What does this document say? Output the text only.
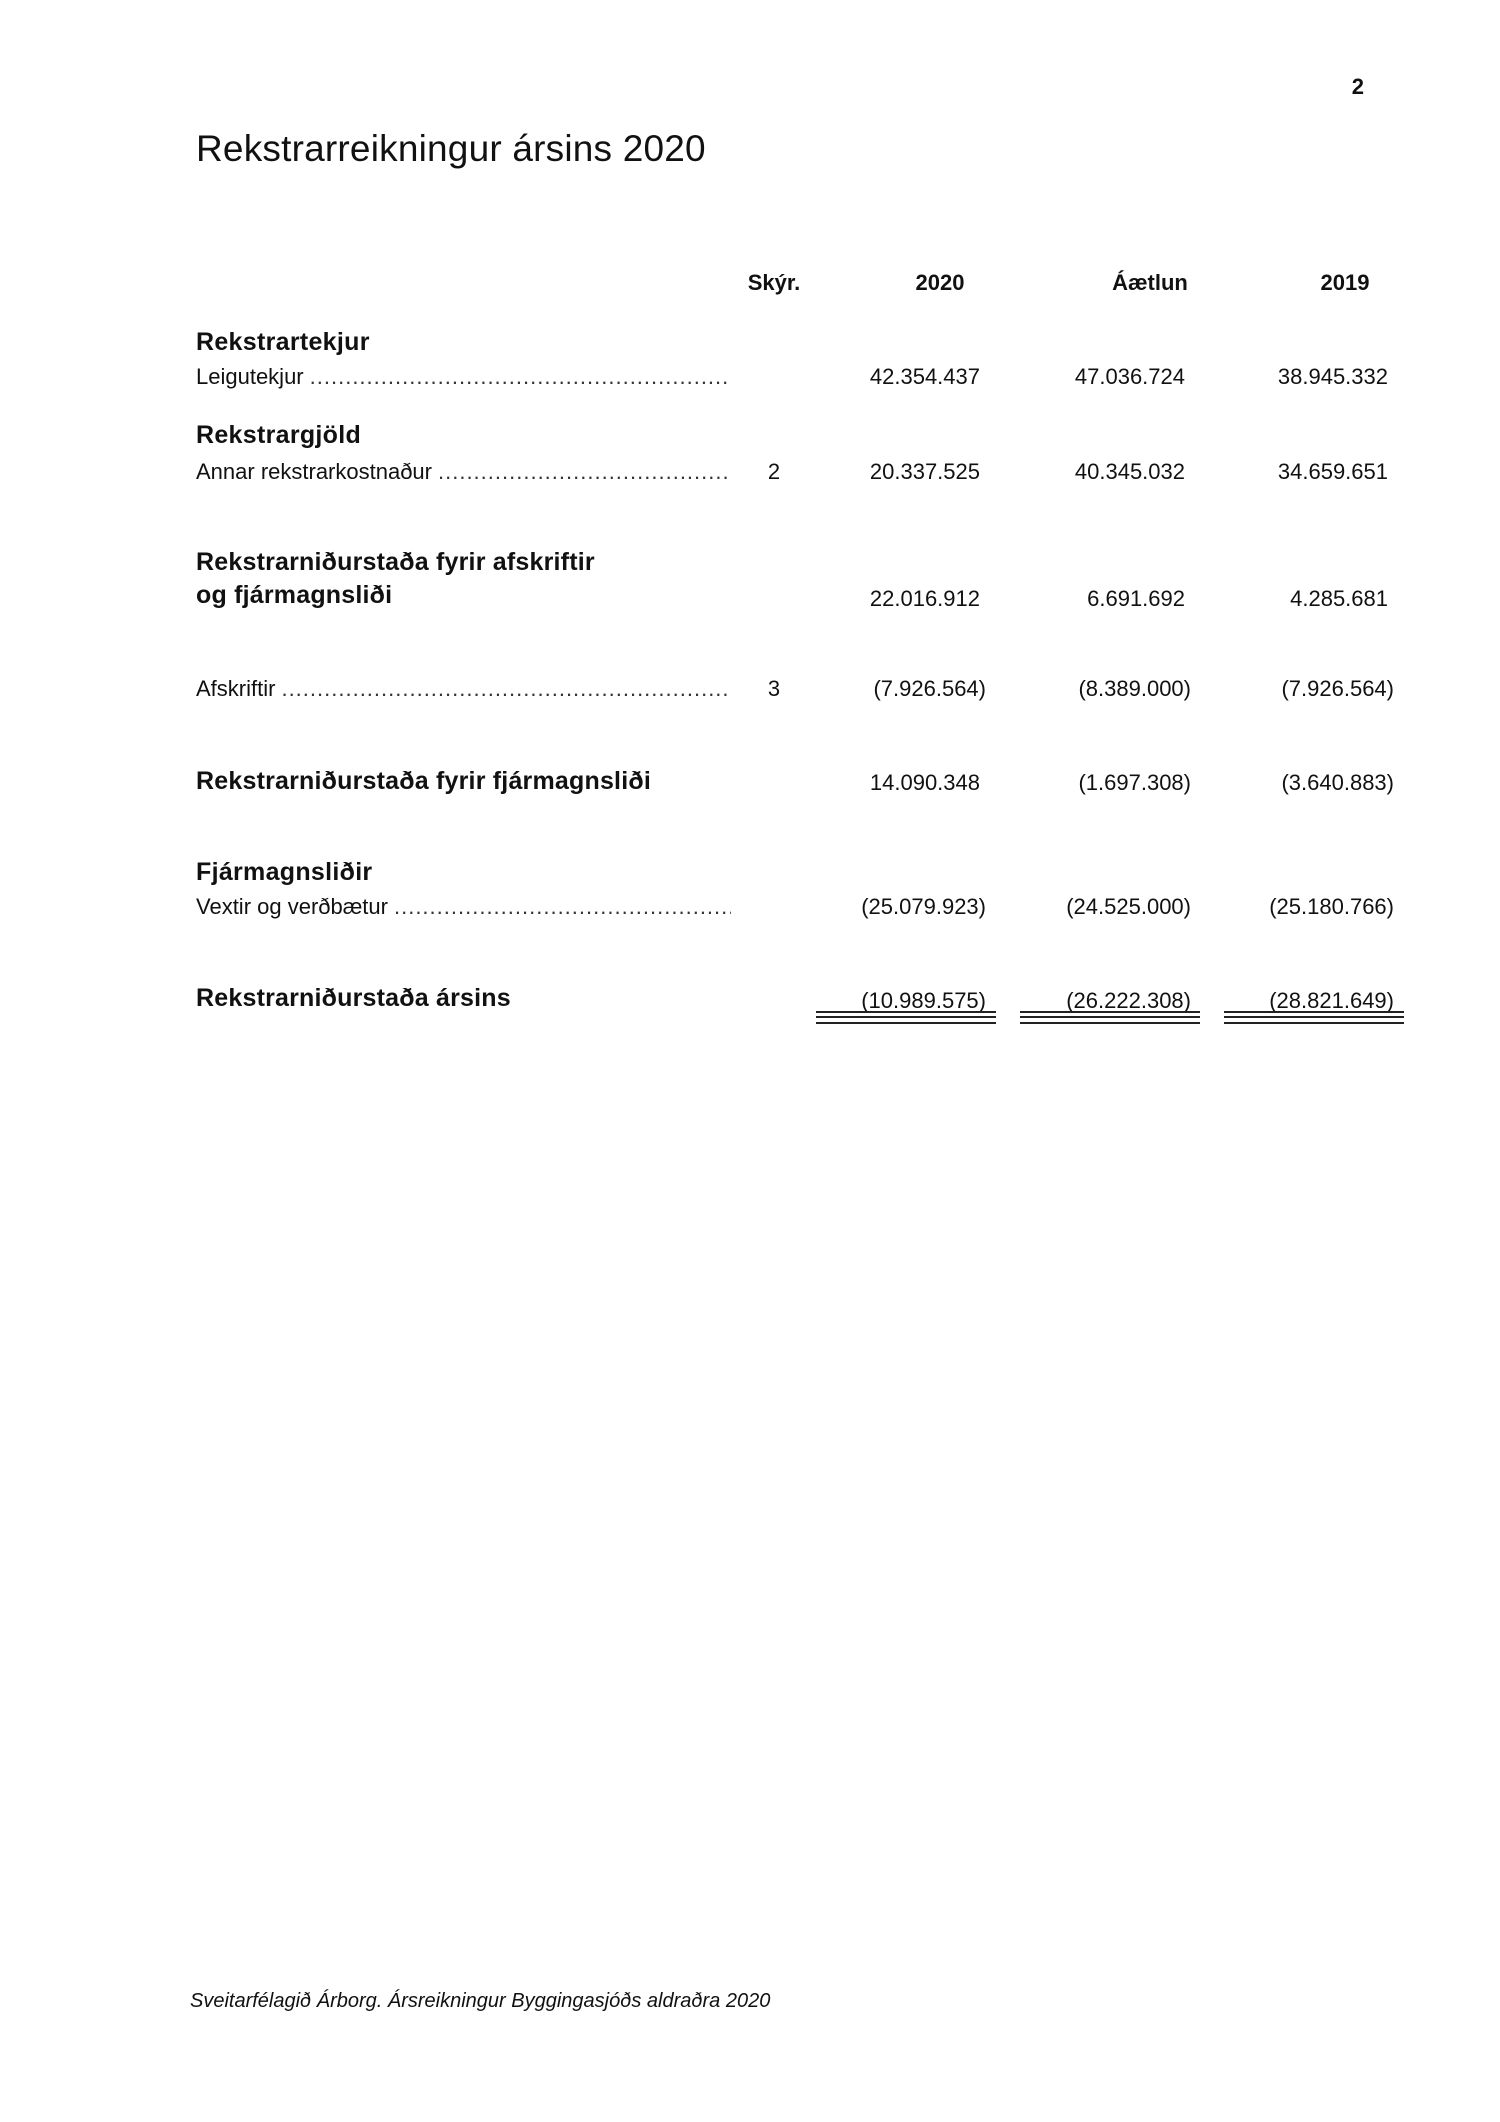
2
Rekstrarreikningur ársins 2020
Skýr.	2020	Áætlun	2019
Rekstrartekjur
Leigutekjur .....	42.354.437	47.036.724	38.945.332
Rekstrargjöld
Annar rekstrarkostnaður .....	2	20.337.525	40.345.032	34.659.651
Rekstrarniðurstaða fyrir afskriftir
og fjármagnsliði	22.016.912	6.691.692	4.285.681
Afskriftir .....	3	(7.926.564)	(8.389.000)	(7.926.564)
Rekstrarniðurstaða fyrir fjármagnsliði	14.090.348	(1.697.308)	(3.640.883)
Fjármagnsliðir
Vextir og verðbætur .....	(25.079.923)	(24.525.000)	(25.180.766)
Rekstrarniðurstaða ársins	(10.989.575)	(26.222.308)	(28.821.649)
Sveitarfélagið Árborg. Ársreikningur Byggingasjóðs aldraðra 2020
